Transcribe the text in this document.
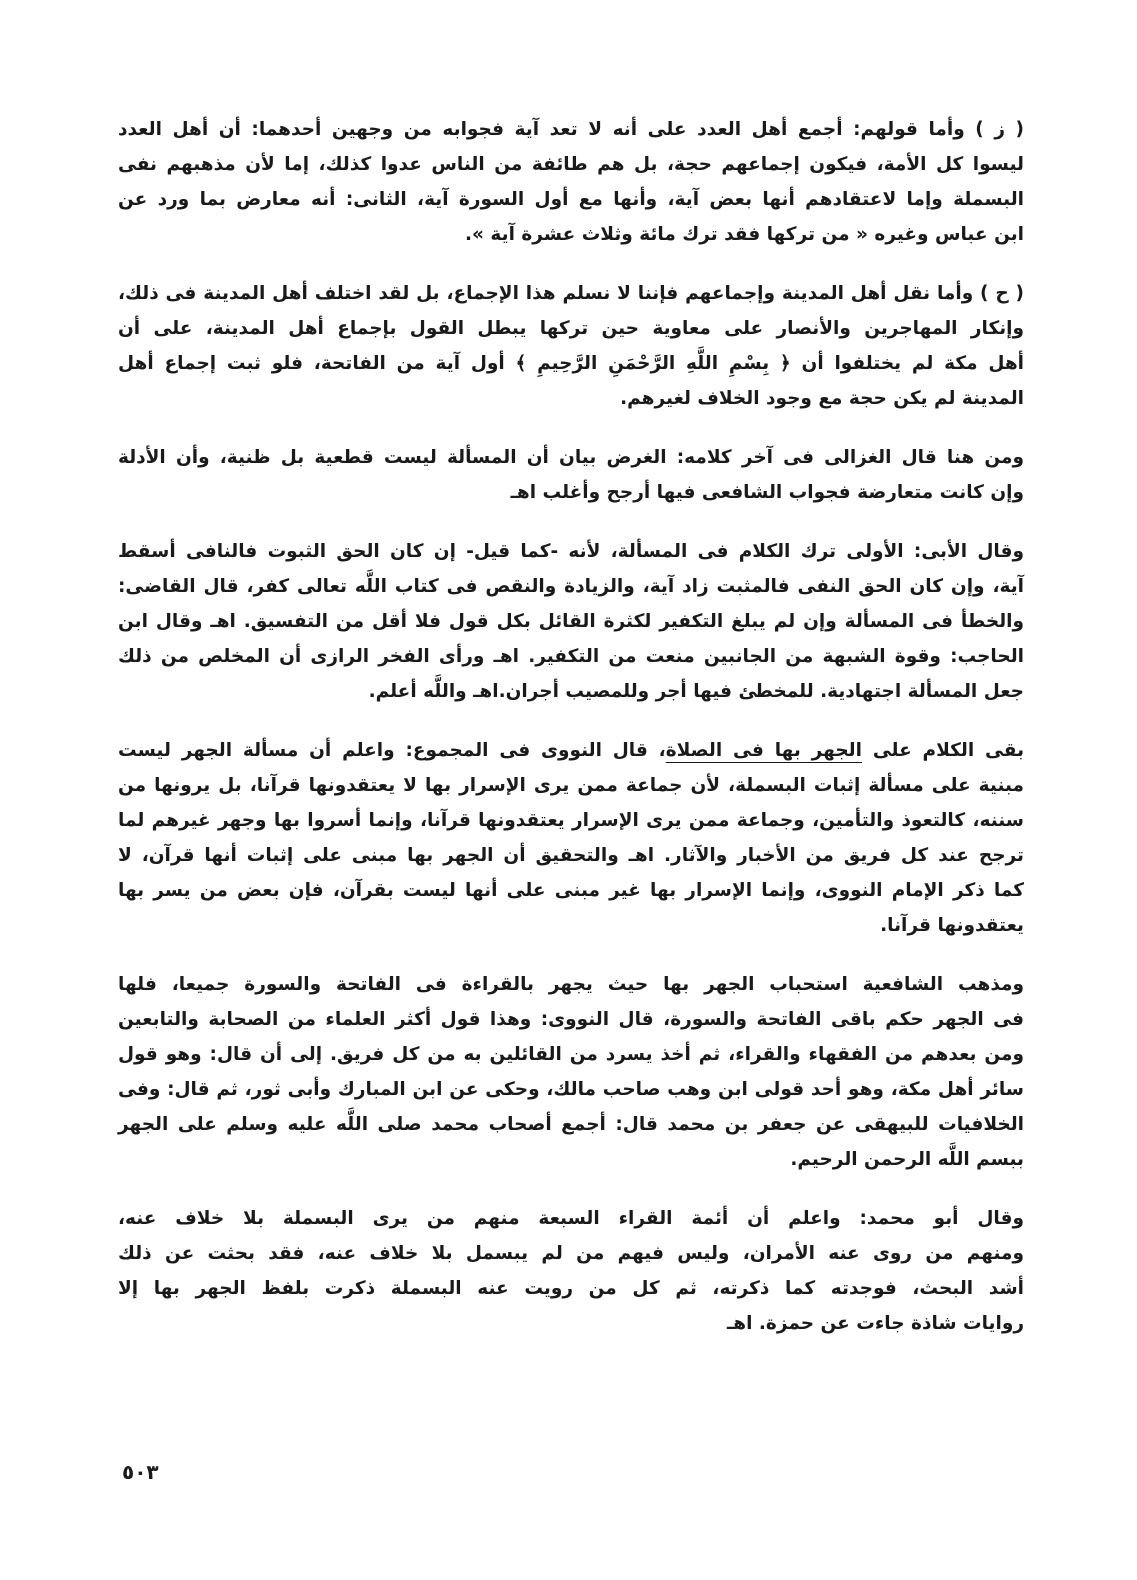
( ز ) وأما قولهم: أجمع أهل العدد على أنه لا تعد آية فجوابه من وجهين أحدهما: أن أهل العدد
ليسوا كل الأمة، فيكون إجماعهم حجة، بل هم طائفة من الناس عدوا كذلك، إما لأن مذهبهم نفى
البسملة وإما لاعتقادهم أنها بعض آية، وأنها مع أول السورة آية، الثانى: أنه معارض بما ورد عن
ابن عباس وغيره « من تركها فقد ترك مائة وثلاث عشرة آية ».
( ح ) وأما نقل أهل المدينة وإجماعهم فإننا لا نسلم هذا الإجماع، بل لقد اختلف أهل المدينة فى ذلك،
وإنكار المهاجرين والأنصار على معاوية حين تركها يبطل القول بإجماع أهل المدينة، على أن
أهل مكة لم يختلفوا أن ﴿ بِسْمِ اللَّهِ الرَّحْمَنِ الرَّحِيمِ ﴾ أول آية من الفاتحة، فلو ثبت إجماع أهل
المدينة لم يكن حجة مع وجود الخلاف لغيرهم.
ومن هنا قال الغزالى فى آخر كلامه: الغرض بيان أن المسألة ليست قطعية بل ظنية، وأن الأدلة
وإن كانت متعارضة فجواب الشافعى فيها أرجح وأغلب اهـ
وقال الأبى: الأولى ترك الكلام فى المسألة، لأنه -كما قيل- إن كان الحق الثبوت فالنافى أسقط
آية، وإن كان الحق النفى فالمثبت زاد آية، والزيادة والنقص فى كتاب اللَّه تعالى كفر، قال القاضى:
والخطأ فى المسألة وإن لم يبلغ التكفير لكثرة القائل بكل قول فلا أقل من التفسيق. اهـ وقال ابن
الحاجب: وقوة الشبهة من الجانبين منعت من التكفير. اهـ ورأى الفخر الرازى أن المخلص من ذلك
جعل المسألة اجتهادية. للمخطئ فيها أجر وللمصيب أجران.اهـ واللَّه أعلم.
بقى الكلام على الجهر بها فى الصلاة، قال النووى فى المجموع: واعلم أن مسألة الجهر ليست
مبنية على مسألة إثبات البسملة، لأن جماعة ممن يرى الإسرار بها لا يعتقدونها قرآنا، بل يرونها من
سننه، كالتعوذ والتأمين، وجماعة ممن يرى الإسرار يعتقدونها قرآنا، وإنما أسروا بها وجهر غيرهم لما
ترجح عند كل فريق من الأخبار والآثار. اهـ والتحقيق أن الجهر بها مبنى على إثبات أنها قرآن، لا
كما ذكر الإمام النووى، وإنما الإسرار بها غير مبنى على أنها ليست بقرآن، فإن بعض من يسر بها
يعتقدونها قرآنا.
ومذهب الشافعية استحباب الجهر بها حيث يجهر بالقراءة فى الفاتحة والسورة جميعا، فلها
فى الجهر حكم باقى الفاتحة والسورة، قال النووى: وهذا قول أكثر العلماء من الصحابة والتابعين
ومن بعدهم من الفقهاء والقراء، ثم أخذ يسرد من القائلين به من كل فريق. إلى أن قال: وهو قول
سائر أهل مكة، وهو أحد قولى ابن وهب صاحب مالك، وحكى عن ابن المبارك وأبى ثور، ثم قال: وفى
الخلافيات للبيهقى عن جعفر بن محمد قال: أجمع أصحاب محمد صلى اللَّه عليه وسلم على الجهر
ببسم اللَّه الرحمن الرحيم.
وقال أبو محمد: واعلم أن أئمة القراء السبعة منهم من يرى البسملة بلا خلاف عنه،
ومنهم من روى عنه الأمران، وليس فيهم من لم يبسمل بلا خلاف عنه، فقد بحثت عن ذلك
أشد البحث، فوجدته كما ذكرته، ثم كل من رويت عنه البسملة ذكرت بلفظ الجهر بها إلا
روايات شاذة جاءت عن حمزة. اهـ
٥٠٣
